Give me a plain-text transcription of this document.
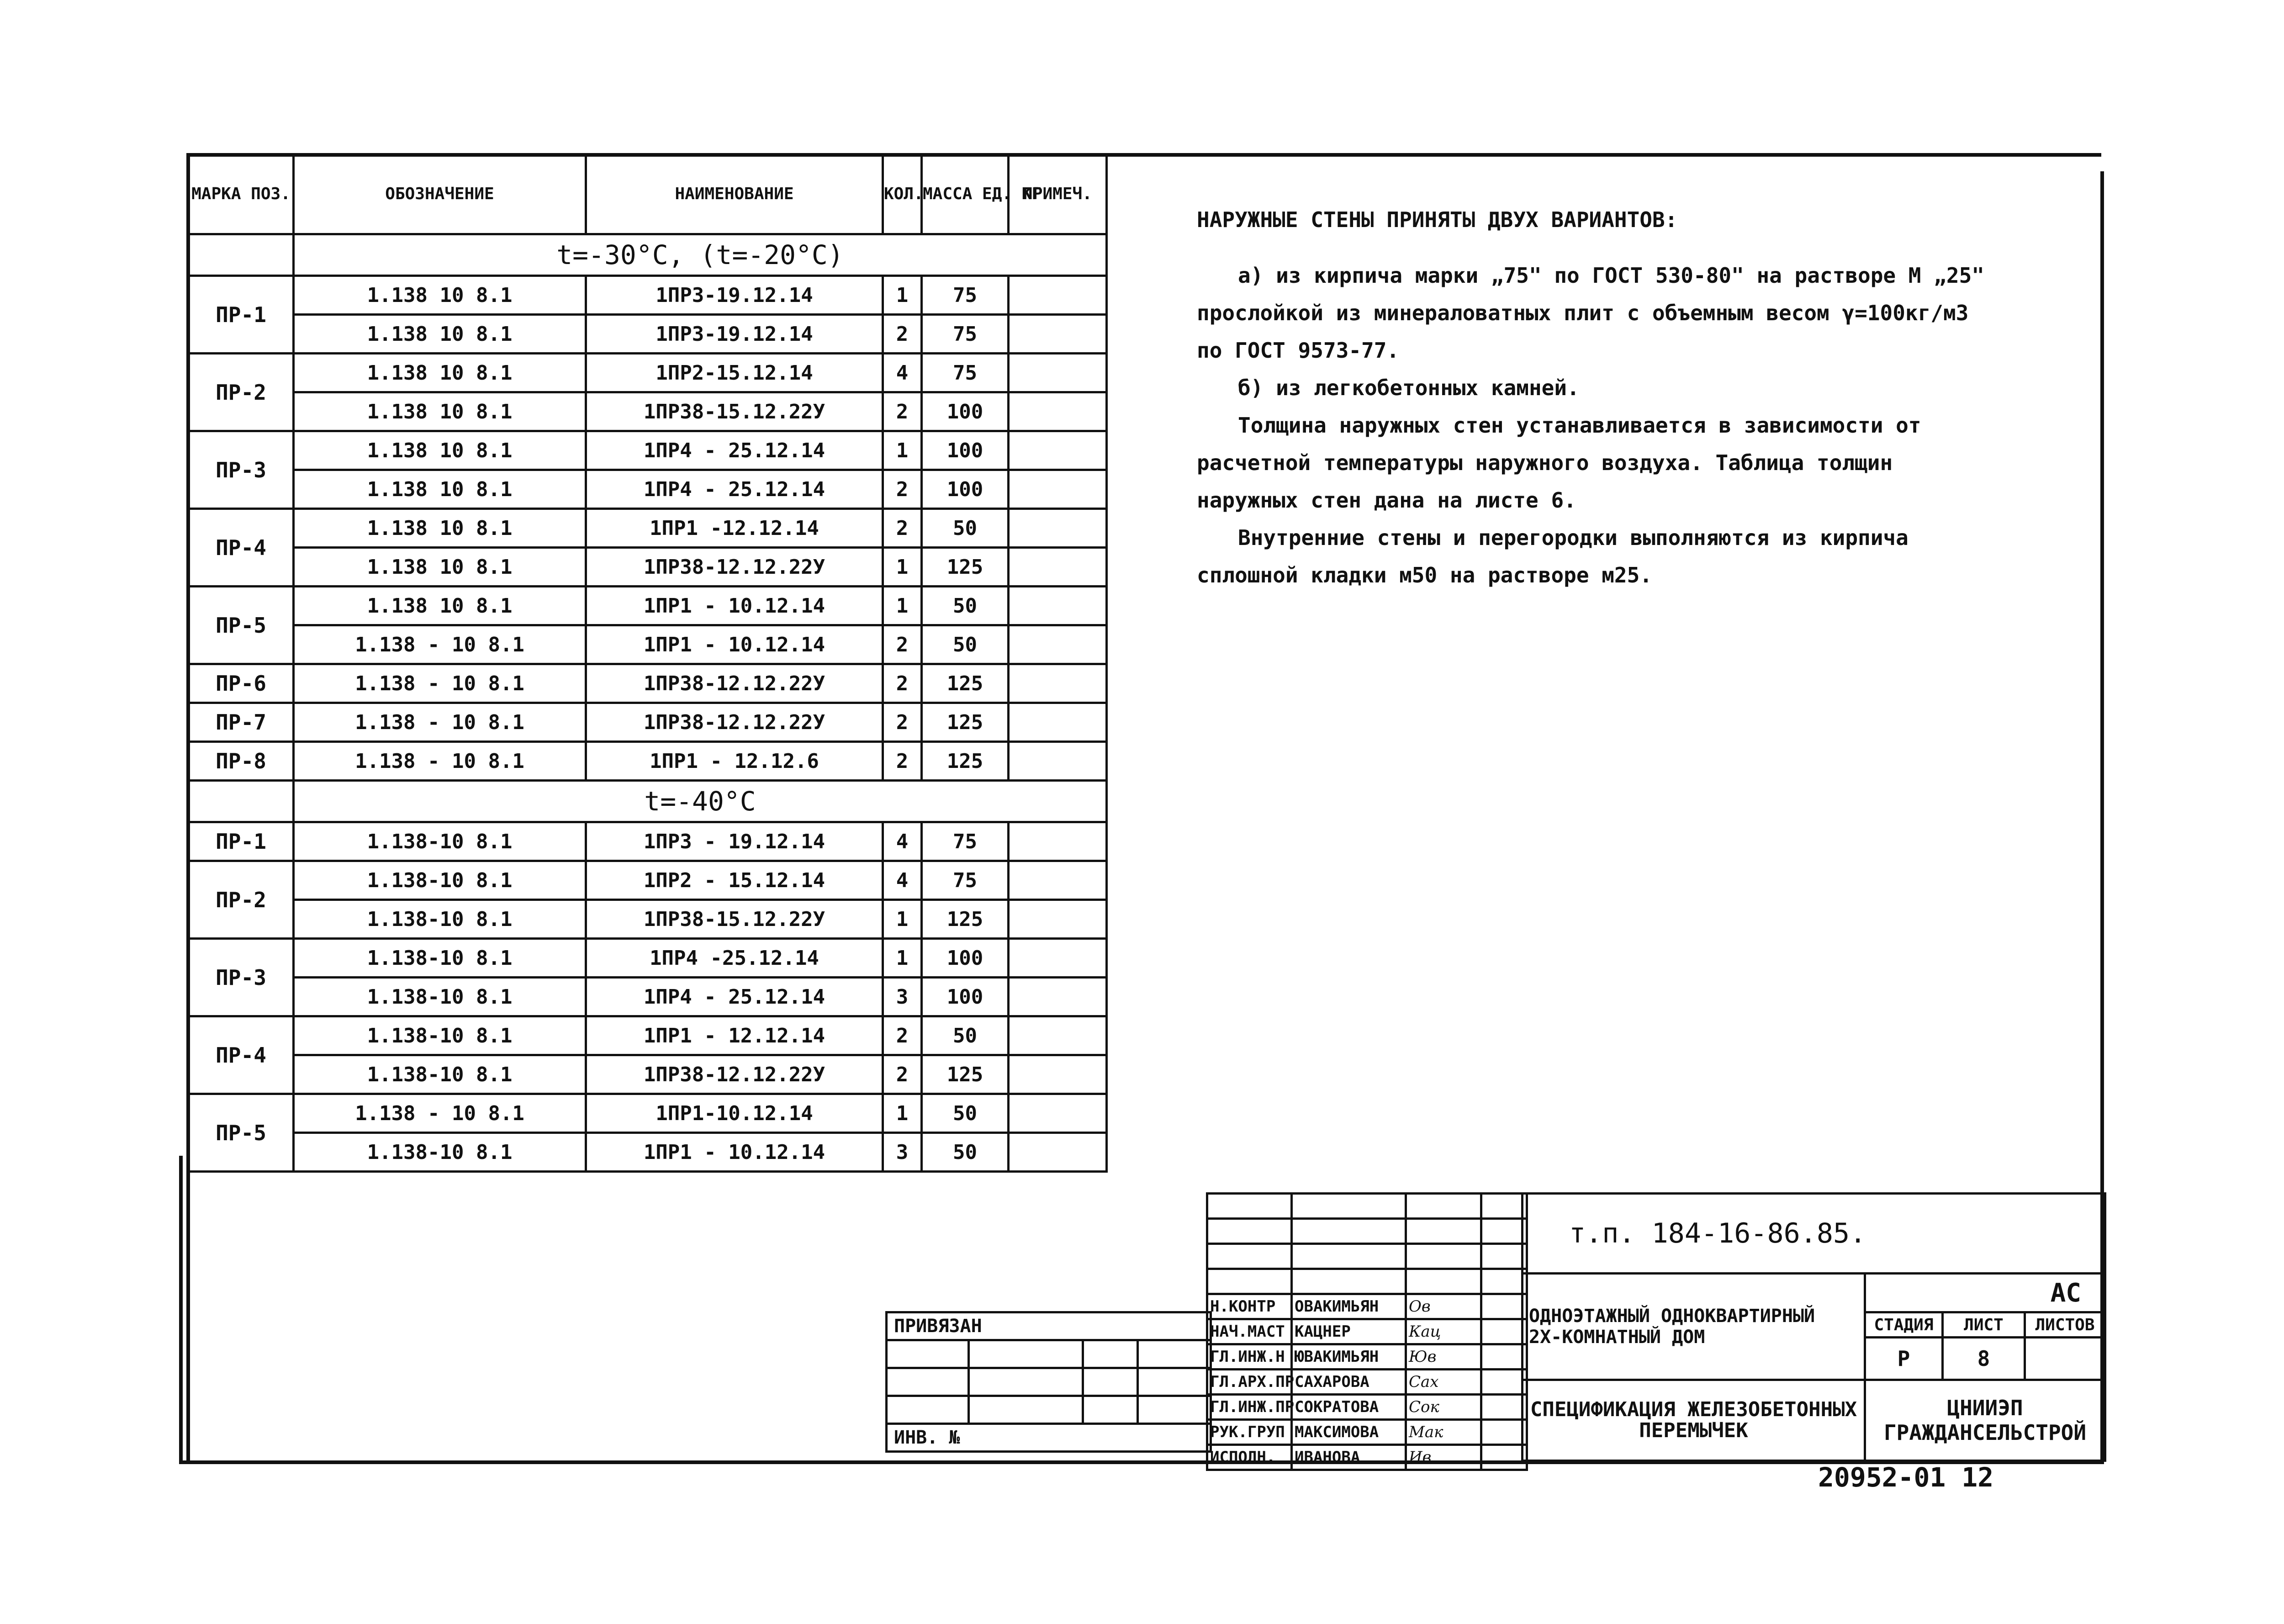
МАРКА ПОЗ.	ОБОЗНАЧЕНИЕ	НАИМЕНОВАНИЕ	КОЛ.	МАССА ЕД. КГ	ПРИМЕЧ.
	t=-30°C, (t=-20°C)				
ПР-1	1.138 10 8.1	1ПР3-19.12.14	1	75	
	1.138 10 8.1	1ПР3-19.12.14	2	75	
ПР-2	1.138 10 8.1	1ПР2-15.12.14	4	75	
	1.138 10 8.1	1ПР38-15.12.22У	2	100	
ПР-3	1.138 10 8.1	1ПР4 - 25.12.14	1	100	
	1.138 10 8.1	1ПР4 - 25.12.14	2	100	
ПР-4	1.138 10 8.1	1ПР1 -12.12.14	2	50	
	1.138 10 8.1	1ПР38-12.12.22У	1	125	
ПР-5	1.138 10 8.1	1ПР1 - 10.12.14	1	50	
	1.138 - 10 8.1	1ПР1 - 10.12.14	2	50	
ПР-6	1.138 - 10 8.1	1ПР38-12.12.22У	2	125	
ПР-7	1.138 - 10 8.1	1ПР38-12.12.22У	2	125	
ПР-8	1.138 - 10 8.1	1ПР1 - 12.12.6	2	125	
	t=-40°C				
ПР-1	1.138-10 8.1	1ПР3 - 19.12.14	4	75	
ПР-2	1.138-10 8.1	1ПР2 - 15.12.14	4	75	
	1.138-10 8.1	1ПР38-15.12.22У	1	125	
ПР-3	1.138-10 8.1	1ПР4 -25.12.14	1	100	
	1.138-10 8.1	1ПР4 - 25.12.14	3	100	
ПР-4	1.138-10 8.1	1ПР1 - 12.12.14	2	50	
	1.138-10 8.1	1ПР38-12.12.22У	2	125	
ПР-5	1.138 - 10 8.1	1ПР1-10.12.14	1	50	
	1.138-10 8.1	1ПР1 - 10.12.14	3	50	

НАРУЖНЫЕ СТЕНЫ ПРИНЯТЫ ДВУХ ВАРИАНТОВ:

а) из кирпича марки „75" по ГОСТ 530-80" на растворе М „25"

прослойкой из минераловатных плит с объемным весом γ=100кг/м3

по ГОСТ 9573-77.

б) из легкобетонных камней.

Толщина наружных стен устанавливается в зависимости от

расчетной температуры наружного воздуха. Таблица толщин

наружных стен дана на листе 6.

Внутренние стены и перегородки выполняются из кирпича

сплошной кладки м50 на растворе м25.

ПРИВЯЗАН			

ИНВ. №			

Н.КОНТР	ОВАКИМЬЯН	Ов	
НАЧ.МАСТ	КАЦНЕР	Кац	
ГЛ.ИНЖ.Н	ЮВАКИМЬЯН	Юв	
ГЛ.АРХ.ПР	САХАРОВА	Сах	
ГЛ.ИНЖ.ПР	СОКРАТОВА	Сок	
РУК.ГРУП	МАКСИМОВА	Мак	
ИСПОЛН.	ИВАНОВА	Ив	
т.п. 184-16-86.85.			
ОДНОЭТАЖНЫЙ ОДНОКВАРТИРНЫЙ 2Х-КОМНАТНЫЙ ДОМ	АС		
	СТАДИЯ	ЛИСТ	ЛИСТОВ
	Р	8	
СПЕЦИФИКАЦИЯ ЖЕЛЕЗОБЕТОННЫХ ПЕРЕМЫЧЕК	ЦНИИЭП ГРАЖДАНСЕЛЬСТРОЙ		
20952-01 12
